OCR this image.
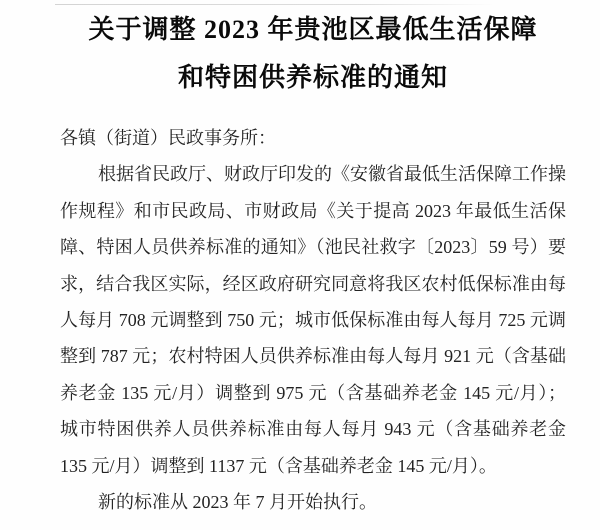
关于调整 2023 年贵池区最低生活保障
和特困供养标准的通知
各镇（街道）民政事务所：
根据省民政厅、财政厅印发的《安徽省最低生活保障工作操
作规程》和市民政局、市财政局《关于提高 2023 年最低生活保
障、特困人员供养标准的通知》（池民社救字〔2023〕59 号）要
求，结合我区实际，经区政府研究同意将我区农村低保标准由每
人每月 708 元调整到 750 元；城市低保标准由每人每月 725 元调
整到 787 元；农村特困人员供养标准由每人每月 921 元（含基础
养老金 135 元/月）调整到 975 元（含基础养老金 145 元/月）；
城市特困供养人员供养标准由每人每月 943 元（含基础养老金
135 元/月）调整到 1137 元（含基础养老金 145 元/月）。
新的标准从 2023 年 7 月开始执行。
